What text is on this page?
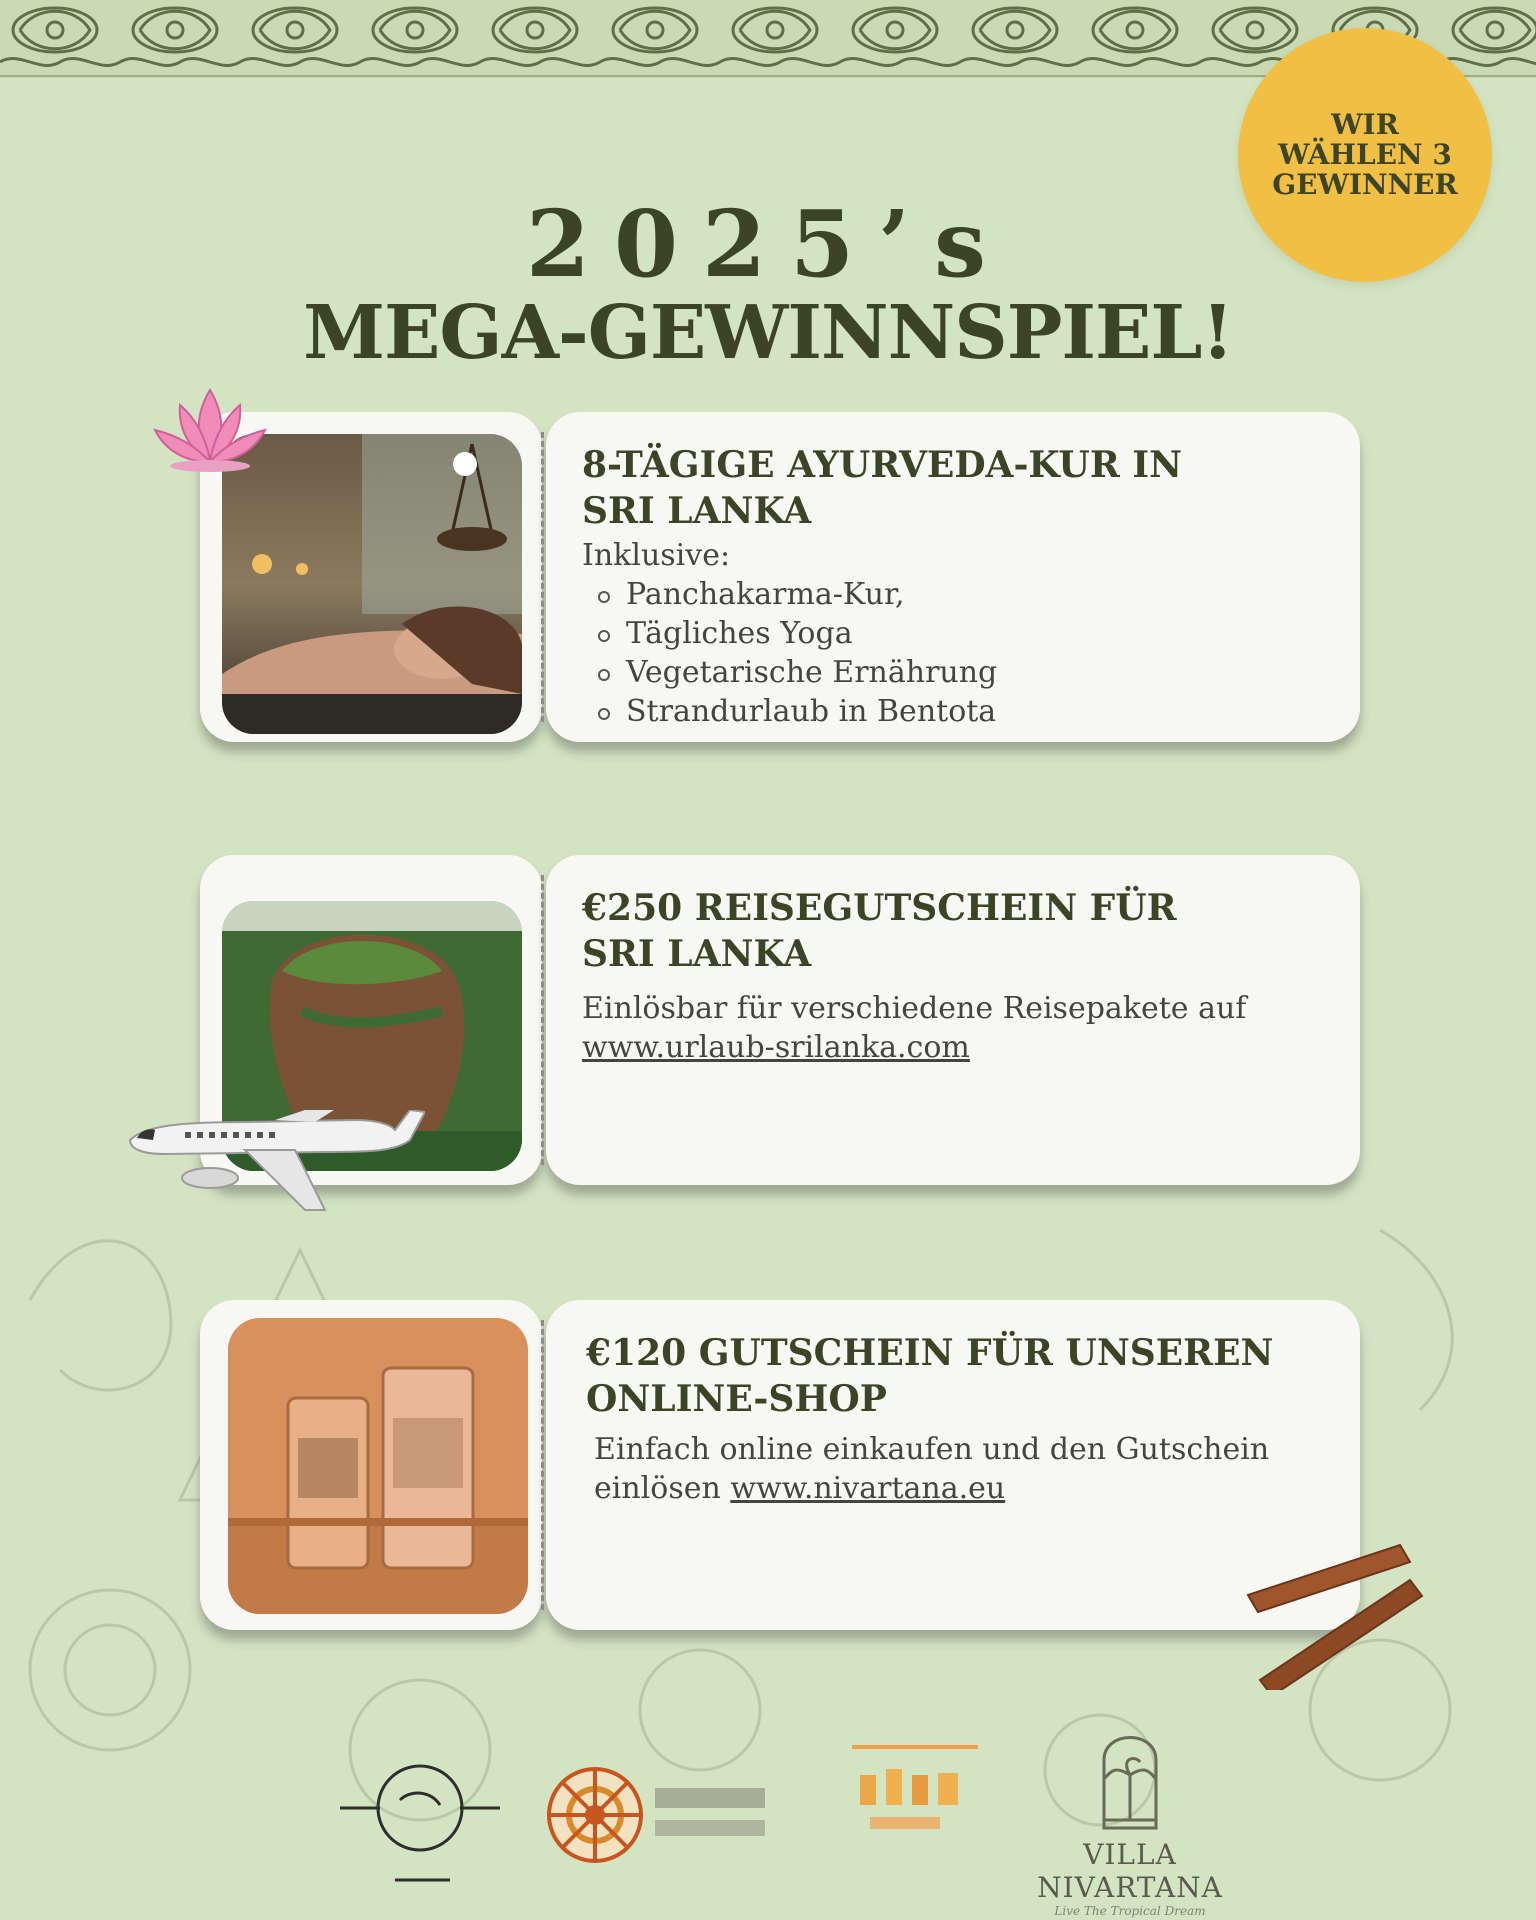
WIR
WÄHLEN 3
GEWINNER
2025’s
MEGA-GEWINNSPIEL!
8-TÄGIGE AYURVEDA-KUR IN
SRI LANKA
Inklusive:
Panchakarma-Kur,
Tägliches Yoga
Vegetarische Ernährung
Strandurlaub in Bentota
€250 REISEGUTSCHEIN FÜR
SRI LANKA
Einlösbar für verschiedene Reisepakete auf
www.urlaub-srilanka.com
€120 GUTSCHEIN FÜR UNSEREN
ONLINE-SHOP
Einfach online einkaufen und den Gutschein
einlösen www.nivartana.eu
VILLA NIVARTANA
Live The Tropical Dream
